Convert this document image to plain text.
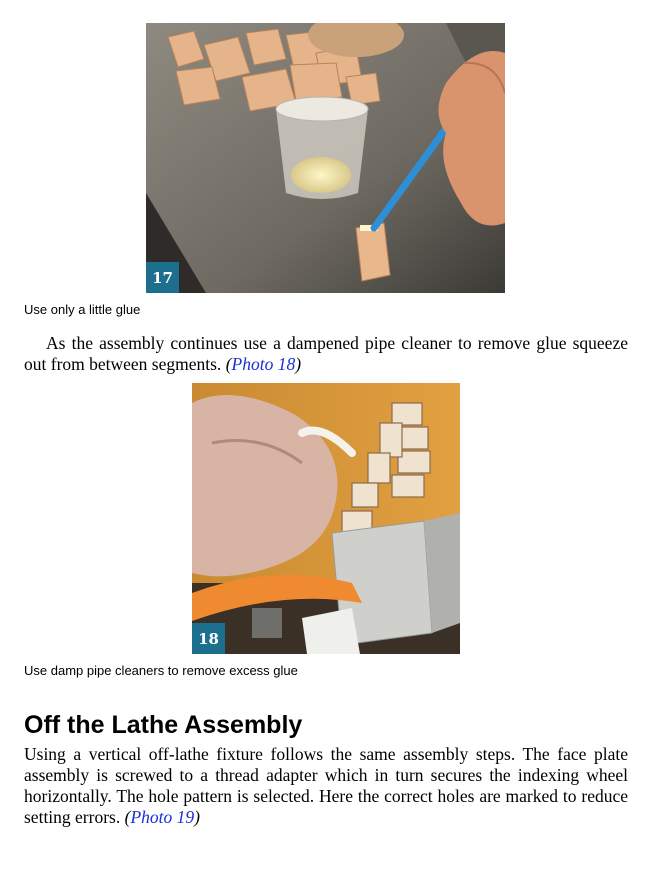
17
Use only a little glue

As the assembly continues use a dampened pipe cleaner to remove glue squeeze out from between segments. (Photo 18)

18
Use damp pipe cleaners to remove excess glue
Off the Lathe Assembly

Using a vertical off-lathe fixture follows the same assembly steps. The face plate assembly is screwed to a thread adapter which in turn secures the indexing wheel horizontally. The hole pattern is selected. Here the correct holes are marked to reduce setting errors. (Photo 19)
